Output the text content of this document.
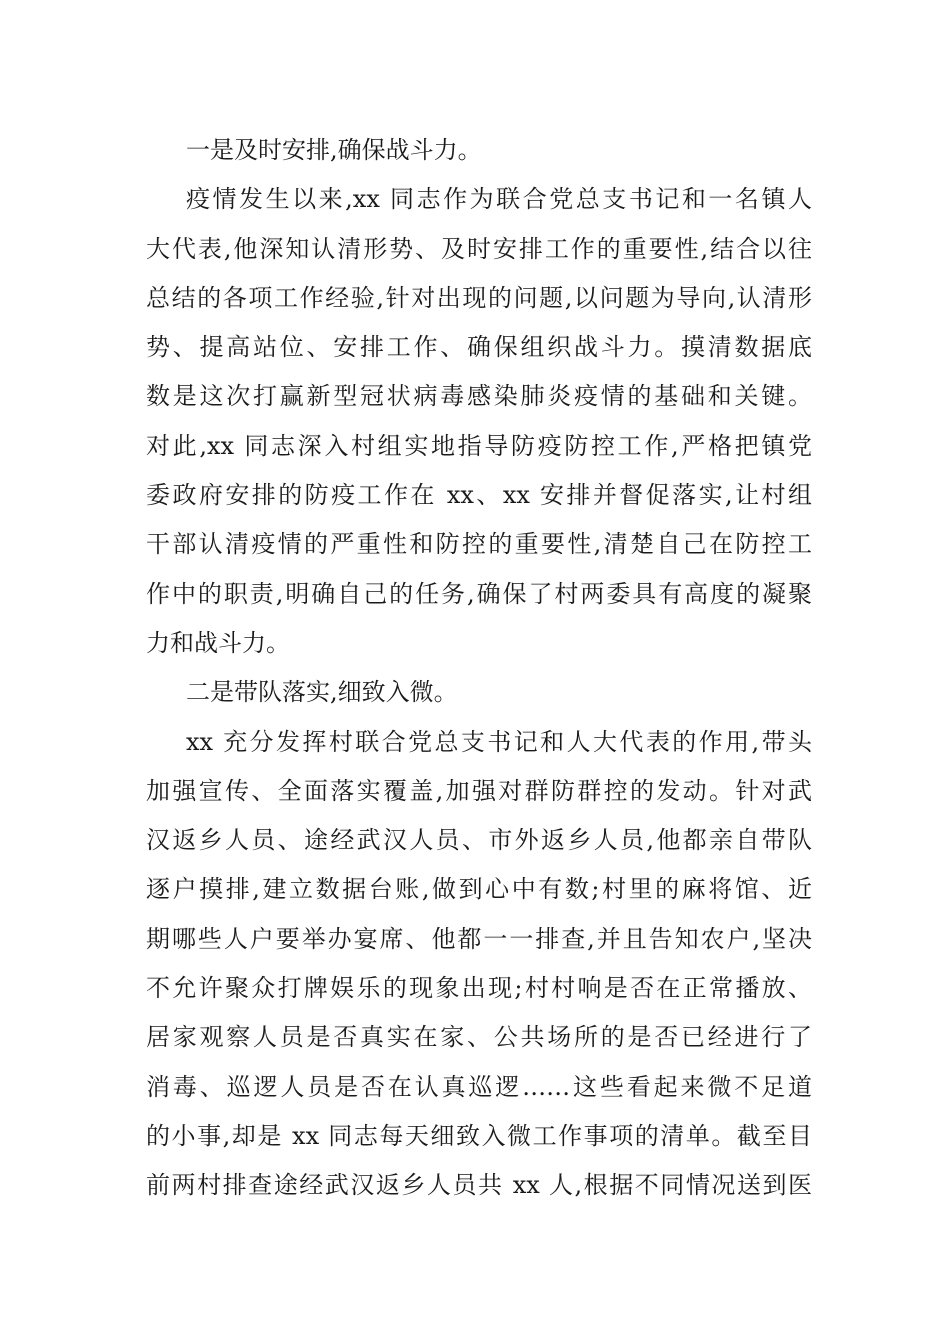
一是及时安排,确保战斗力。
疫情发生以来,xx 同志作为联合党总支书记和一名镇人
大代表,他深知认清形势、及时安排工作的重要性,结合以往
总结的各项工作经验,针对出现的问题,以问题为导向,认清形
势、提高站位、安排工作、确保组织战斗力。摸清数据底
数是这次打赢新型冠状病毒感染肺炎疫情的基础和关键。
对此,xx 同志深入村组实地指导防疫防控工作,严格把镇党
委政府安排的防疫工作在 xx、xx 安排并督促落实,让村组
干部认清疫情的严重性和防控的重要性,清楚自己在防控工
作中的职责,明确自己的任务,确保了村两委具有高度的凝聚
力和战斗力。
二是带队落实,细致入微。
xx 充分发挥村联合党总支书记和人大代表的作用,带头
加强宣传、全面落实覆盖,加强对群防群控的发动。针对武
汉返乡人员、途经武汉人员、市外返乡人员,他都亲自带队
逐户摸排,建立数据台账,做到心中有数;村里的麻将馆、近
期哪些人户要举办宴席、他都一一排查,并且告知农户,坚决
不允许聚众打牌娱乐的现象出现;村村响是否在正常播放、
居家观察人员是否真实在家、公共场所的是否已经进行了
消毒、巡逻人员是否在认真巡逻……这些看起来微不足道
的小事,却是 xx 同志每天细致入微工作事项的清单。截至目
前两村排查途经武汉返乡人员共 xx 人,根据不同情况送到医
